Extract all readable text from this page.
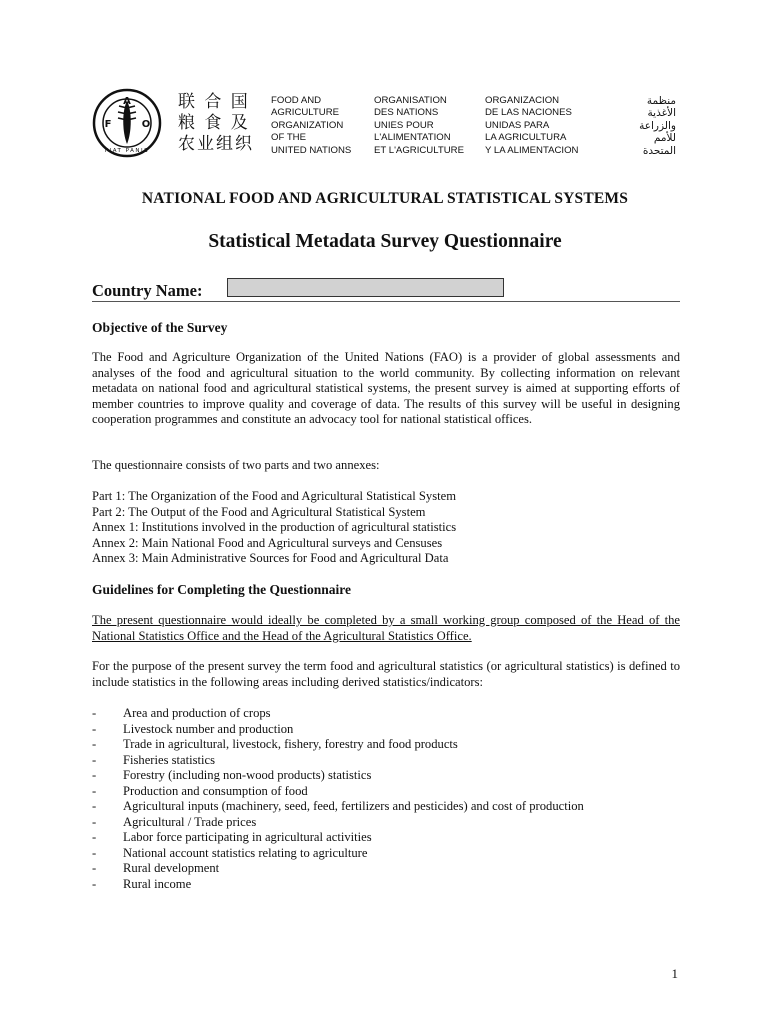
A
F	O
FIAT PANIS
联 合 国
粮 食 及
农业组织
FOOD AND
AGRICULTURE
ORGANIZATION
OF THE
UNITED NATIONS
ORGANISATION
DES NATIONS
UNIES POUR
L'ALIMENTATION
ET L'AGRICULTURE
ORGANIZACION
DE LAS NACIONES
UNIDAS PARA
LA AGRICULTURA
Y LA ALIMENTACION
منظمة
الأغذية
والزراعة
للأمم
المتحدة
NATIONAL FOOD AND AGRICULTURAL STATISTICAL SYSTEMS
Statistical Metadata Survey Questionnaire
Country Name:
Objective of the Survey
The Food and Agriculture Organization of the United Nations (FAO) is a provider of global assessments and analyses of the food and agricultural situation to the world community. By collecting information on relevant metadata on national food and agricultural statistical systems, the present survey is aimed at supporting efforts of member countries to improve quality and coverage of data. The results of this survey will be useful in designing cooperation programmes and constitute an advocacy tool for national statistical offices.
The questionnaire consists of two parts and two annexes:
Part 1: The Organization of the Food and Agricultural Statistical System
Part 2: The Output of the Food and Agricultural Statistical System
Annex 1: Institutions involved in the production of agricultural statistics
Annex 2: Main National Food and Agricultural surveys and Censuses
Annex 3: Main Administrative Sources for Food and Agricultural Data
Guidelines for Completing the Questionnaire
The present questionnaire would ideally be completed by a small working group composed of the Head of the National Statistics Office and the Head of the Agricultural Statistics Office.
For the purpose of the present survey the term food and agricultural statistics (or agricultural statistics) is defined to include statistics in the following areas including derived statistics/indicators:
- Area and production of crops
- Livestock number and production
- Trade in agricultural, livestock, fishery, forestry and food products
- Fisheries statistics
- Forestry (including non-wood products) statistics
- Production and consumption of food
- Agricultural inputs (machinery, seed, feed, fertilizers and pesticides) and cost of production
- Agricultural / Trade prices
- Labor force participating in agricultural activities
- National account statistics relating to agriculture
- Rural development
- Rural income
1
